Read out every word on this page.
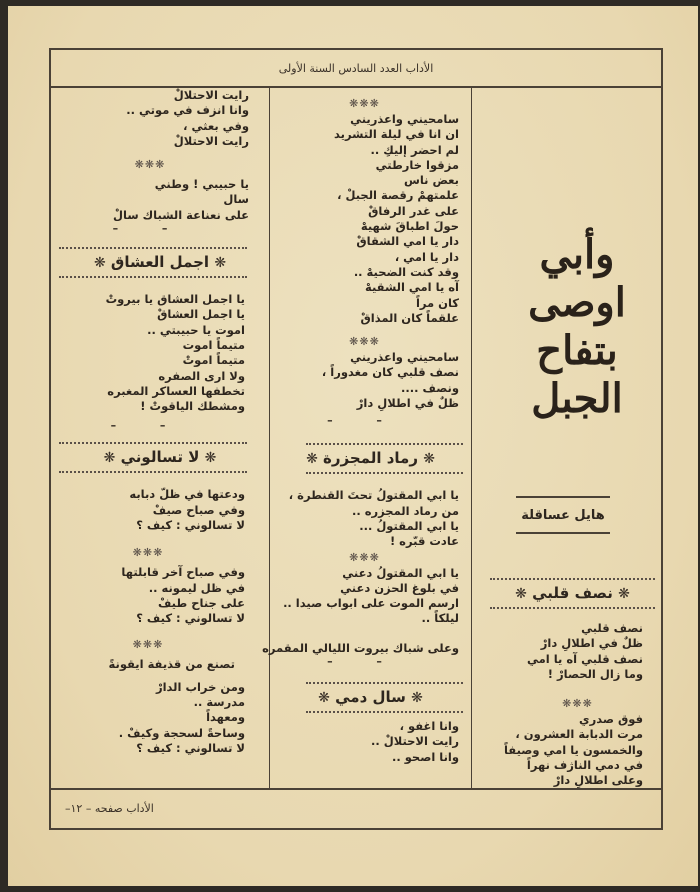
الأداب العدد السادس السنة الأولى
وأبي
اوصى
بتفاح
الجبل
هايل عساقلة
❋ نصف قلبي ❋
نصف قلبي
ظلٌ في اطلالِ دارْ
نصف قلبي آه يا امي
وما زال الحصارْ !
❋❋❋
فوق صدري
مرت الدبابة العشرون ،
والخمسون يا امي وصيفاً
في دمي الناژف نهراً
وعلى اطلالِ دارْ
❋❋❋
سامحيني واعذريني
ان انا في ليلة التشريد
لم احضر إليكِ ..
مزقوا خارطتي
بعض ناس
علمتهمْ رقصة الجبلْ ،
على غدر الرفاقْ
حولَ اطباقَ شهيهْ
دار يا امي الشقاقْ
دار يا امي ،
وقد كنت الضحيهْ ..
آه يا امي الشقيهْ
كان مراً
علقماً كان المذاقْ
❋❋❋
سامحيني واعذريني
نصف قلبي كان مغدوراً ،
ونصف ....
ظلٌ في اطلالِ دارْ
– –
❋ رماد المجزرة ❋
يا ابي المقتولُ تحتَ القنطرة ،
من رماد المجزره ..
يا ابي المقتولُ ...
عادت قبّره !
❋❋❋
يا ابي المقتولُ دعني
في بلوغ الحزن دعني
ارسم الموت على ابواب صيدا ..
ليلكاً ..
وعلى شباك بيروت الليالي المقمره
– –
❋ سال دمي ❋
وانا اغفو ،
رايت الاحتلالْ ..
وانا اصحو ..
رايت الاحتلالْ
وانا انزف في موتي ..
وفي بعثي ،
رايت الاحتلالْ
❋❋❋
يا حبيبي ! وطني
سال
على نعناعة الشباك سالْ
– –
❋ اجمل العشاق ❋
يا اجمل العشاق يا بيروتْ
يا اجمل العشاقْ
اموت يا حبيبتي ..
متيماً اموت
متيماً اموتْ
ولا ارى الصفره
تخطفها العساكر المغبره
ومشطك الياقوتْ !
– –
❋ لا تسالوني ❋
ودعتها في ظلّ دبابه
وفي صباح صيفْ
لا تسالوني : كيف ؟
❋❋❋
وفي صباح آخر قابلتها
في ظل ليمونه ..
على جناح طيفْ
لا تسالوني : كيف ؟
❋❋❋
تصنع من قذيفة ايقونةً
ومن خراب الدارْ
مدرسة ..
ومعهداً
وساحةً لسحجة وكيفْ .
لا تسالوني : كيف ؟
الأداب صفحه – ١٢–
